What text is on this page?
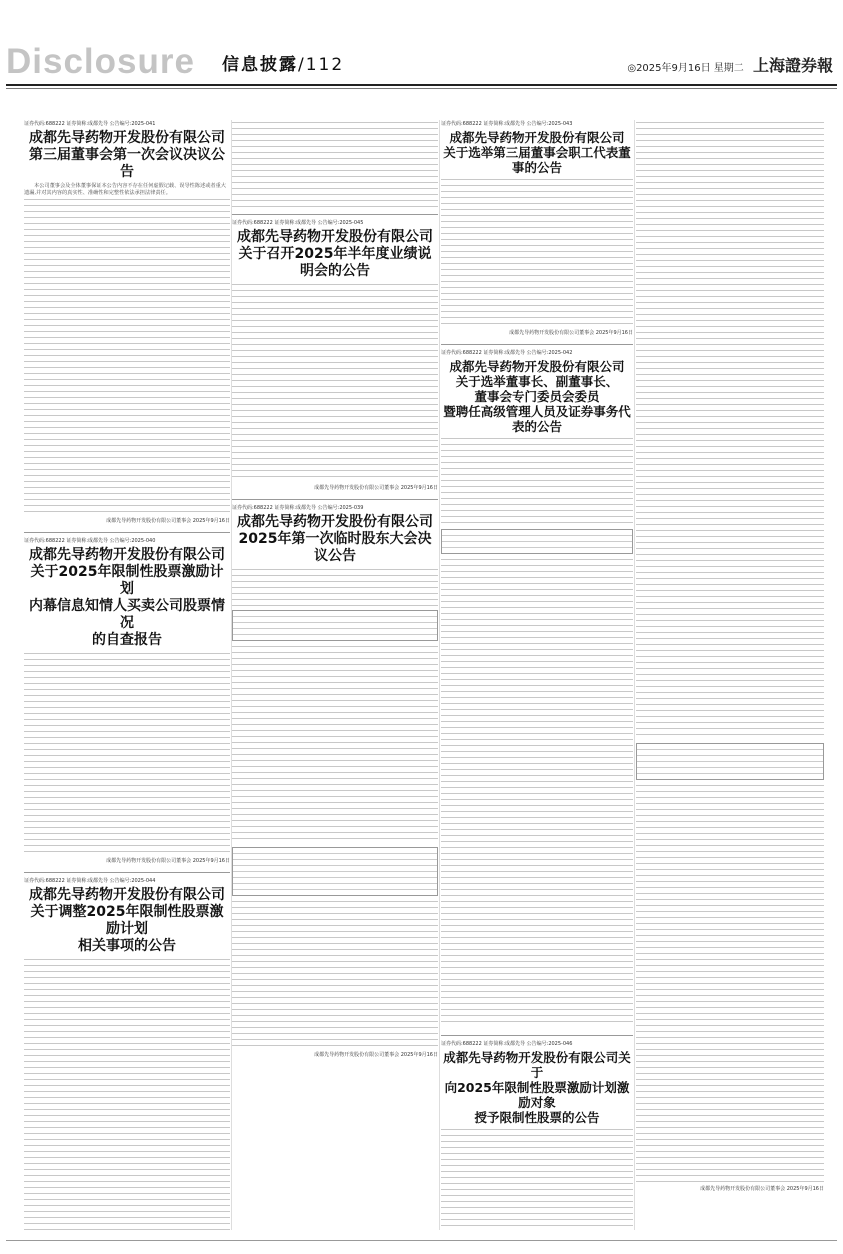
Disclosure 信息披露/112	◎2025年9月16日 星期二 上海證券報
证券代码:688222 证券简称:成都先导 公告编号:2025-041
成都先导药物开发股份有限公司
第三届董事会第一次会议决议公告

本公司董事会及全体董事保证本公告内容不存在任何虚假记载、误导性陈述或者重大遗漏,并对其内容的真实性、准确性和完整性依法承担法律责任。

成都先导药物开发股份有限公司董事会 2025年9月16日
证券代码:688222 证券简称:成都先导 公告编号:2025-040
成都先导药物开发股份有限公司
关于2025年限制性股票激励计划
内幕信息知情人买卖公司股票情况
的自查报告
成都先导药物开发股份有限公司董事会 2025年9月16日
证券代码:688222 证券简称:成都先导 公告编号:2025-044
成都先导药物开发股份有限公司
关于调整2025年限制性股票激励计划
相关事项的公告
证券代码:688222 证券简称:成都先导 公告编号:2025-045
成都先导药物开发股份有限公司
关于召开2025年半年度业绩说明会的公告
成都先导药物开发股份有限公司董事会 2025年9月16日
证券代码:688222 证券简称:成都先导 公告编号:2025-039
成都先导药物开发股份有限公司
2025年第一次临时股东大会决议公告
成都先导药物开发股份有限公司董事会 2025年9月16日
证券代码:688222 证券简称:成都先导 公告编号:2025-043
成都先导药物开发股份有限公司
关于选举第三届董事会职工代表董事的公告
成都先导药物开发股份有限公司董事会 2025年9月16日
证券代码:688222 证券简称:成都先导 公告编号:2025-042
成都先导药物开发股份有限公司
关于选举董事长、副董事长、
董事会专门委员会委员
暨聘任高级管理人员及证券事务代表的公告
证券代码:688222 证券简称:成都先导 公告编号:2025-046
成都先导药物开发股份有限公司关于
向2025年限制性股票激励计划激励对象
授予限制性股票的公告
成都先导药物开发股份有限公司董事会 2025年9月16日
